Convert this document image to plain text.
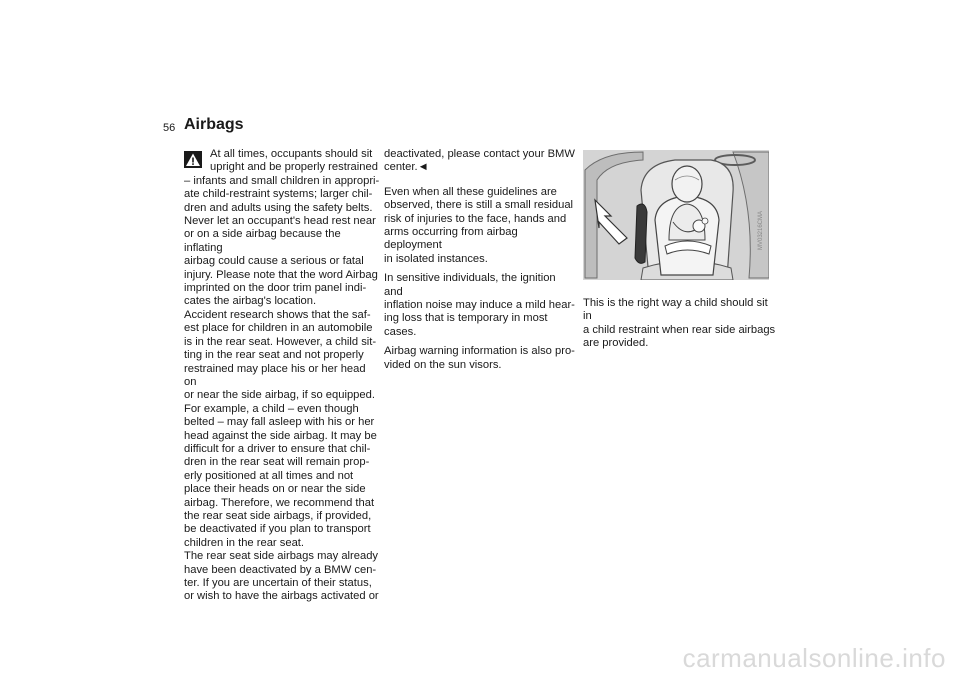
56 Airbags

At all times, occupants should sit
upright and be properly restrained

– infants and small children in appropri-
ate child-restraint systems; larger chil-
dren and adults using the safety belts.
Never let an occupant's head rest near
or on a side airbag because the inflating
airbag could cause a serious or fatal
injury. Please note that the word Airbag
imprinted on the door trim panel indi-
cates the airbag's location.

Accident research shows that the saf-
est place for children in an automobile
is in the rear seat. However, a child sit-
ting in the rear seat and not properly
restrained may place his or her head on
or near the side airbag, if so equipped.
For example, a child – even though
belted – may fall asleep with his or her
head against the side airbag. It may be
difficult for a driver to ensure that chil-
dren in the rear seat will remain prop-
erly positioned at all times and not
place their heads on or near the side
airbag. Therefore, we recommend that
the rear seat side airbags, if provided,
be deactivated if you plan to transport
children in the rear seat.

The rear seat side airbags may already
have been deactivated by a BMW cen-
ter. If you are uncertain of their status,
or wish to have the airbags activated or

deactivated, please contact your BMW
center.◄

Even when all these guidelines are
observed, there is still a small residual
risk of injuries to the face, hands and
arms occurring from airbag deployment
in isolated instances.

In sensitive individuals, the ignition and
inflation noise may induce a mild hear-
ing loss that is temporary in most
cases.

Airbag warning information is also pro-
vided on the sun visors.

MV03216CMA

This is the right way a child should sit in
a child restraint when rear side airbags
are provided.

carmanualsonline.info
